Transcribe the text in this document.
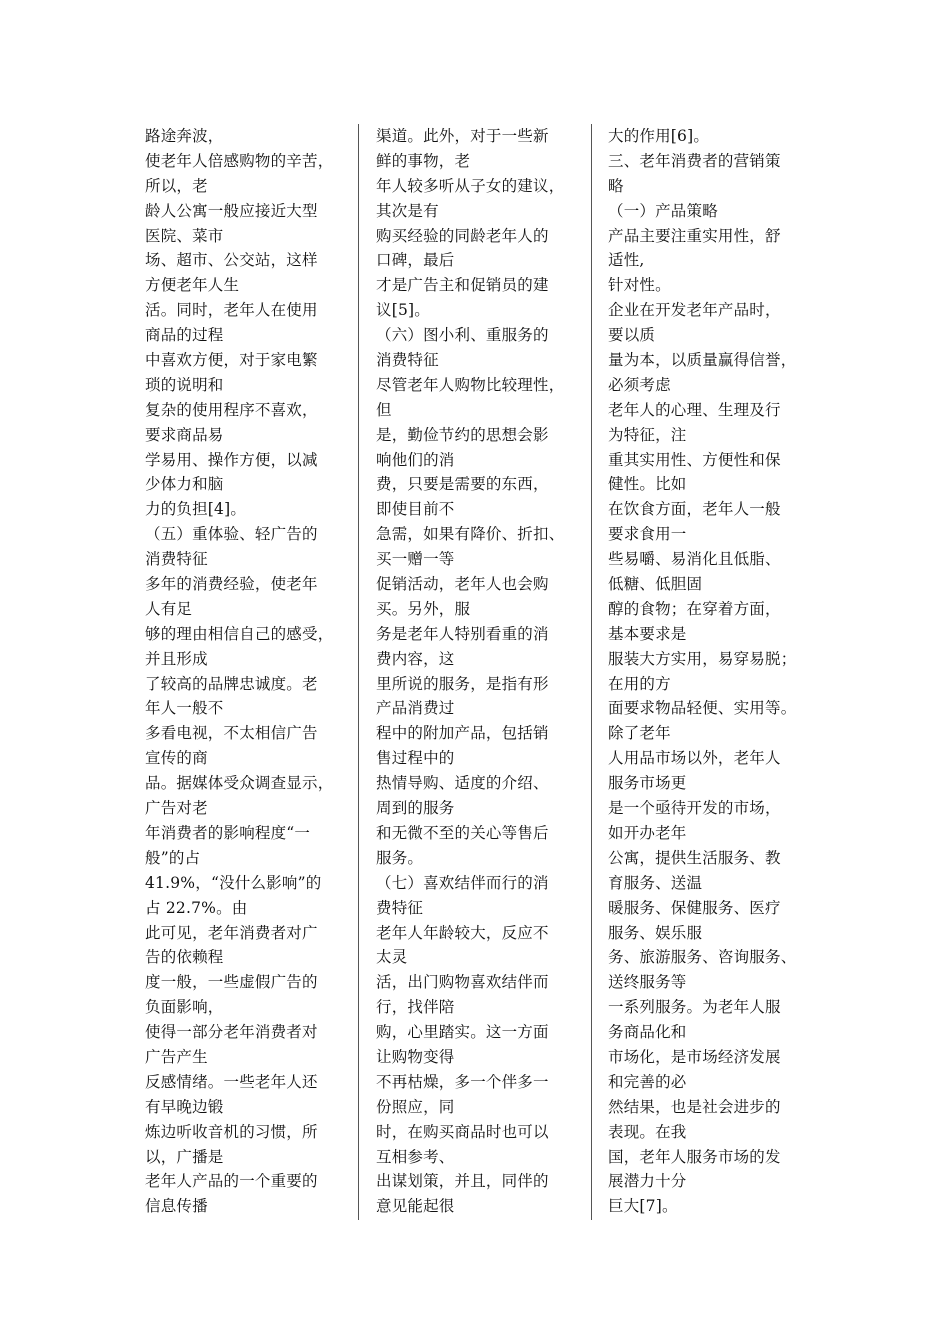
路途奔波，
使老年人倍感购物的辛苦，
所以，老
龄人公寓一般应接近大型
医院、菜市
场、超市、公交站，这样
方便老年人生
活。同时，老年人在使用
商品的过程
中喜欢方便，对于家电繁
琐的说明和
复杂的使用程序不喜欢，
要求商品易
学易用、操作方便，以减
少体力和脑
力的负担[4]。
（五）重体验、轻广告的
消费特征
多年的消费经验，使老年
人有足
够的理由相信自己的感受，
并且形成
了较高的品牌忠诚度。老
年人一般不
多看电视，不太相信广告
宣传的商
品。据媒体受众调查显示，
广告对老
年消费者的影响程度“一
般”的占
41.9%，“没什么影响”的
占 22.7%。由
此可见，老年消费者对广
告的依赖程
度一般，一些虚假广告的
负面影响，
使得一部分老年消费者对
广告产生
反感情绪。一些老年人还
有早晚边锻
炼边听收音机的习惯，所
以，广播是
老年人产品的一个重要的
信息传播
渠道。此外，对于一些新
鲜的事物，老
年人较多听从子女的建议，
其次是有
购买经验的同龄老年人的
口碑，最后
才是广告主和促销员的建
议[5]。
（六）图小利、重服务的
消费特征
尽管老年人购物比较理性，
但
是，勤俭节约的思想会影
响他们的消
费，只要是需要的东西，
即使目前不
急需，如果有降价、折扣、
买一赠一等
促销活动，老年人也会购
买。另外，服
务是老年人特别看重的消
费内容，这
里所说的服务，是指有形
产品消费过
程中的附加产品，包括销
售过程中的
热情导购、适度的介绍、
周到的服务
和无微不至的关心等售后
服务。
（七）喜欢结伴而行的消
费特征
老年人年龄较大，反应不
太灵
活，出门购物喜欢结伴而
行，找伴陪
购，心里踏实。这一方面
让购物变得
不再枯燥，多一个伴多一
份照应，同
时，在购买商品时也可以
互相参考、
出谋划策，并且，同伴的
意见能起很
大的作用[6]。
三、老年消费者的营销策
略
（一）产品策略
产品主要注重实用性，舒
适性,
针对性。
企业在开发老年产品时，
要以质
量为本，以质量赢得信誉，
必须考虑
老年人的心理、生理及行
为特征，注
重其实用性、方便性和保
健性。比如
在饮食方面，老年人一般
要求食用一
些易嚼、易消化且低脂、
低糖、低胆固
醇的食物；在穿着方面，
基本要求是
服装大方实用，易穿易脱；
在用的方
面要求物品轻便、实用等。
除了老年
人用品市场以外，老年人
服务市场更
是一个亟待开发的市场，
如开办老年
公寓，提供生活服务、教
育服务、送温
暖服务、保健服务、医疗
服务、娱乐服
务、旅游服务、咨询服务、
送终服务等
一系列服务。为老年人服
务商品化和
市场化，是市场经济发展
和完善的必
然结果，也是社会进步的
表现。在我
国，老年人服务市场的发
展潜力十分
巨大[7]。
